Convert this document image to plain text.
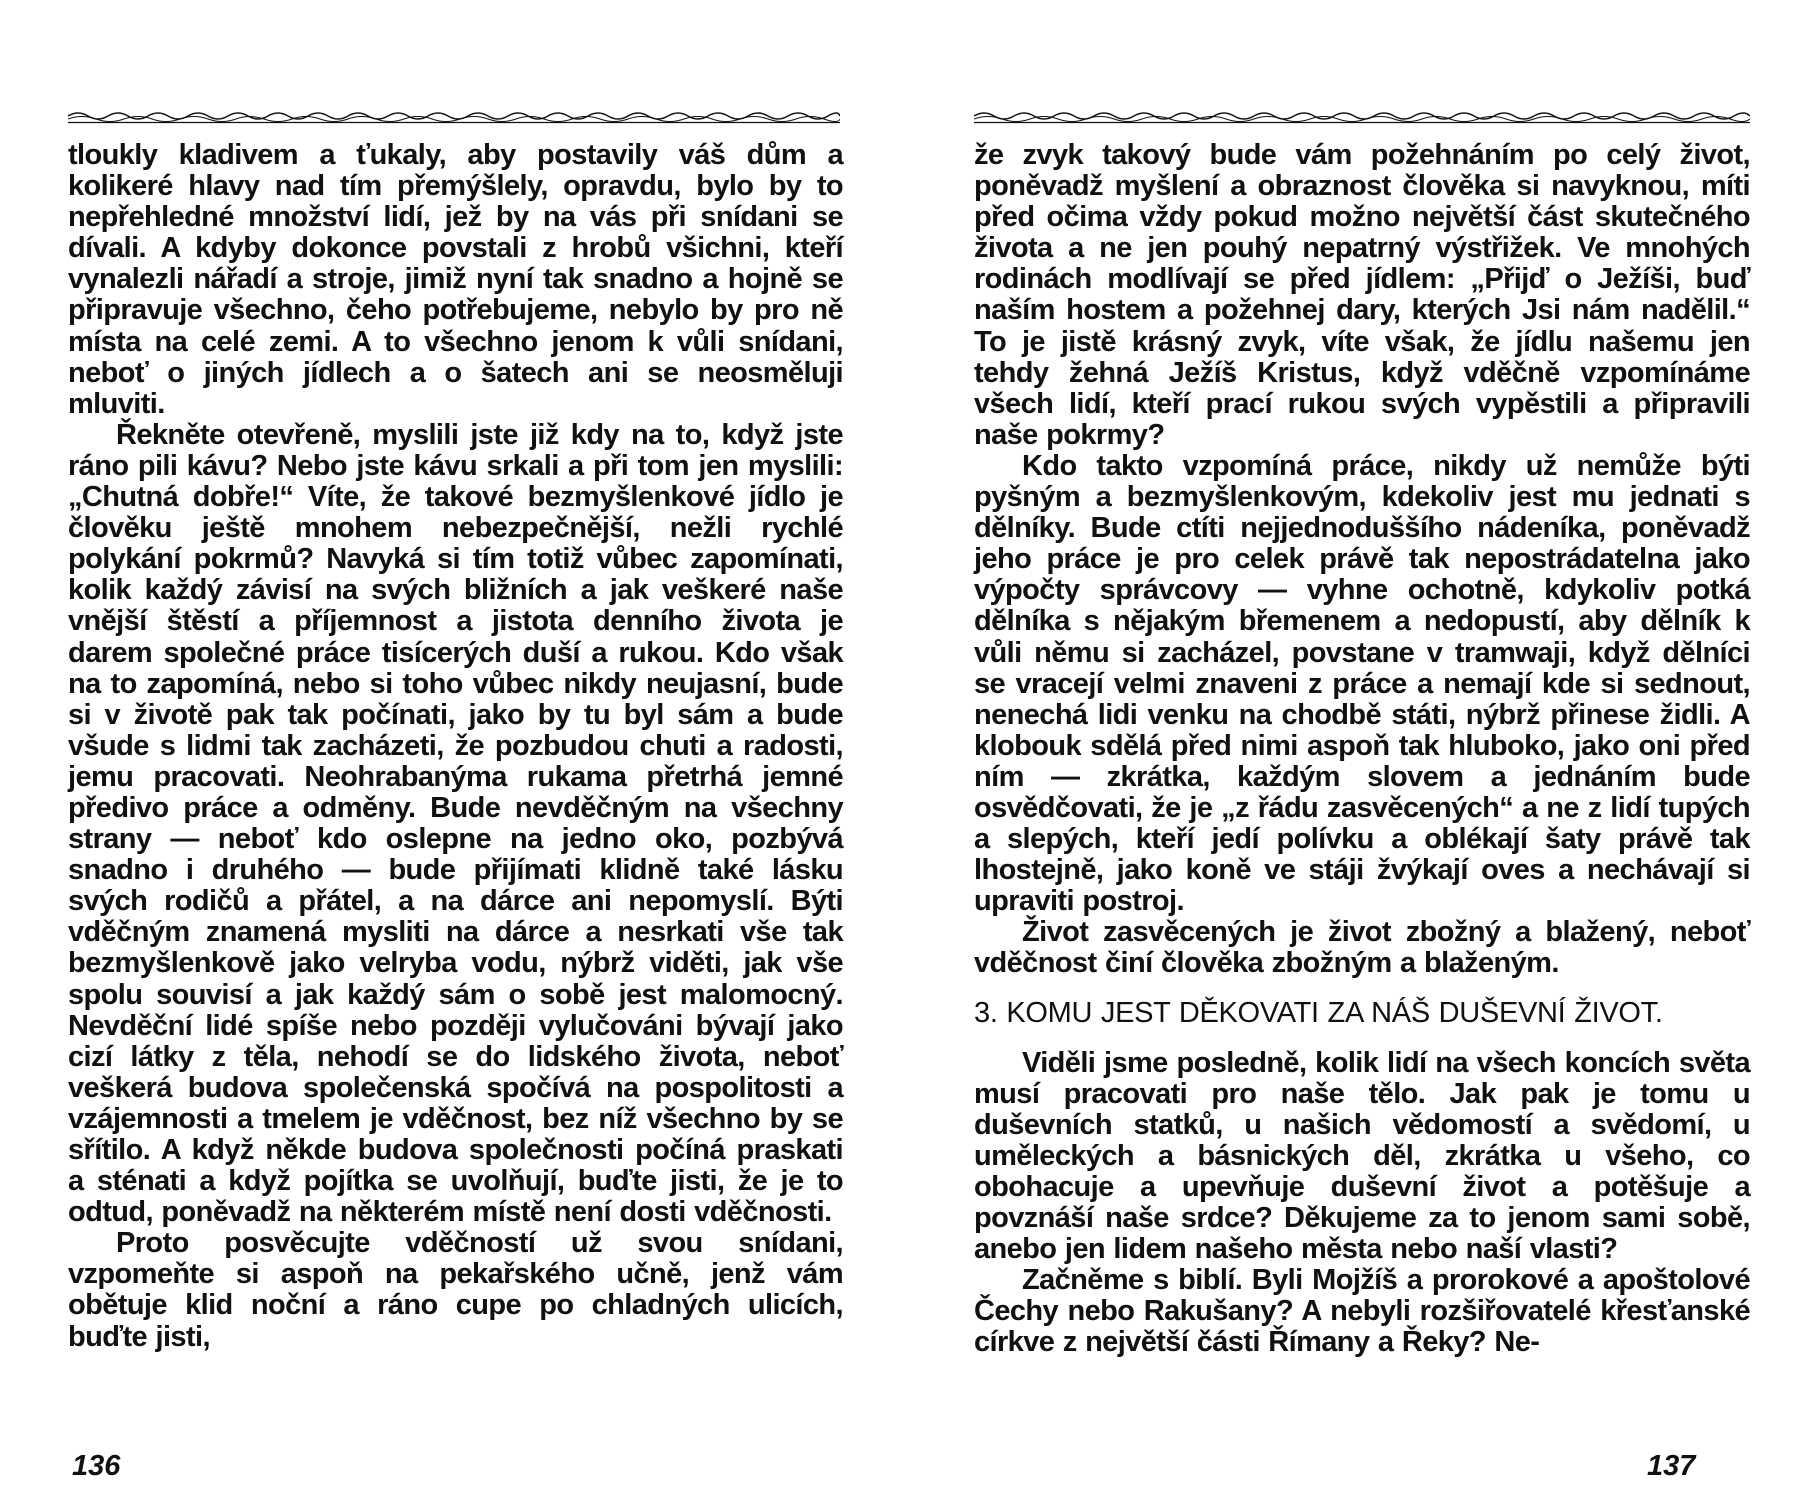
tloukly kladivem a ťukaly, aby postavily váš dům a kolikeré hlavy nad tím přemýšlely, opravdu, bylo by to nepřehledné množství lidí, jež by na vás při snídani se dívali. A kdyby dokonce povstali z hrobů všichni, kteří vynalezli nářadí a stroje, jimiž nyní tak snadno a hojně se připravuje všechno, čeho potřebujeme, nebylo by pro ně místa na celé zemi. A to všechno jenom k vůli snídani, neboť o jiných jídlech a o šatech ani se neosměluji mluviti.

Řekněte otevřeně, myslili jste již kdy na to, když jste ráno pili kávu? Nebo jste kávu srkali a při tom jen myslili: „Chutná dobře!“ Víte, že takové bezmyšlenkové jídlo je člověku ještě mnohem nebezpečnější, nežli rychlé polykání pokrmů? Navyká si tím totiž vůbec zapomínati, kolik každý závisí na svých bližních a jak veškeré naše vnější štěstí a příjemnost a jistota denního života je darem společné práce tisícerých duší a rukou. Kdo však na to zapomíná, nebo si toho vůbec nikdy neujasní, bude si v životě pak tak počínati, jako by tu byl sám a bude všude s lidmi tak zacházeti, že pozbudou chuti a radosti, jemu pracovati. Neohrabanýma rukama přetrhá jemné předivo práce a odměny. Bude nevděčným na všechny strany — neboť kdo oslepne na jedno oko, pozbývá snadno i druhého — bude přijímati klidně také lásku svých rodičů a přátel, a na dárce ani nepomyslí. Býti vděčným znamená mysliti na dárce a nesrkati vše tak bezmyšlenkově jako velryba vodu, nýbrž viděti, jak vše spolu souvisí a jak každý sám o sobě jest malomocný. Nevděční lidé spíše nebo později vylučováni bývají jako cizí látky z těla, nehodí se do lidského života, neboť veškerá budova společenská spočívá na pospolitosti a vzájemnosti a tmelem je vděčnost, bez níž všechno by se sřítilo. A když někde budova společnosti počíná praskati a sténati a když pojítka se uvolňují, buďte jisti, že je to odtud, poněvadž na některém místě není dosti vděčnosti.

Proto posvěcujte vděčností už svou snídani, vzpomeňte si aspoň na pekařského učně, jenž vám obětuje klid noční a ráno cupe po chladných ulicích, buďte jisti,

136

že zvyk takový bude vám požehnáním po celý život, poněvadž myšlení a obraznost člověka si navyknou, míti před očima vždy pokud možno největší část skutečného života a ne jen pouhý nepatrný výstřižek. Ve mnohých rodinách modlívají se před jídlem: „Přijď o Ježíši, buď naším hostem a požehnej dary, kterých Jsi nám nadělil.“ To je jistě krásný zvyk, víte však, že jídlu našemu jen tehdy žehná Ježíš Kristus, když vděčně vzpomínáme všech lidí, kteří prací rukou svých vypěstili a připravili naše pokrmy?

Kdo takto vzpomíná práce, nikdy už nemůže býti pyšným a bezmyšlenkovým, kdekoliv jest mu jednati s dělníky. Bude ctíti nejjednoduššího nádeníka, poněvadž jeho práce je pro celek právě tak nepostrádatelna jako výpočty správcovy — vyhne ochotně, kdykoliv potká dělníka s nějakým břemenem a nedopustí, aby dělník k vůli němu si zacházel, povstane v tramwaji, když dělníci se vracejí velmi znaveni z práce a nemají kde si sednout, nenechá lidi venku na chodbě státi, nýbrž přinese židli. A klobouk sdělá před nimi aspoň tak hluboko, jako oni před ním — zkrátka, každým slovem a jednáním bude osvědčovati, že je „z řádu zasvěcených“ a ne z lidí tupých a slepých, kteří jedí polívku a oblékají šaty právě tak lhostejně, jako koně ve stáji žvýkají oves a nechávají si upraviti postroj.

Život zasvěcených je život zbožný a blažený, neboť vděčnost činí člověka zbožným a blaženým.

3. KOMU JEST DĚKOVATI ZA NÁŠ DUŠEVNÍ ŽIVOT.

Viděli jsme posledně, kolik lidí na všech koncích světa musí pracovati pro naše tělo. Jak pak je tomu u duševních statků, u našich vědomostí a svědomí, u uměleckých a básnických děl, zkrátka u všeho, co obohacuje a upevňuje duševní život a potěšuje a povznáší naše srdce? Děkujeme za to jenom sami sobě, anebo jen lidem našeho města nebo naší vlasti?

Začněme s biblí. Byli Mojžíš a prorokové a apoštolové Čechy nebo Rakušany? A nebyli rozšiřovatelé křesťanské církve z největší části Římany a Řeky? Ne-

137
